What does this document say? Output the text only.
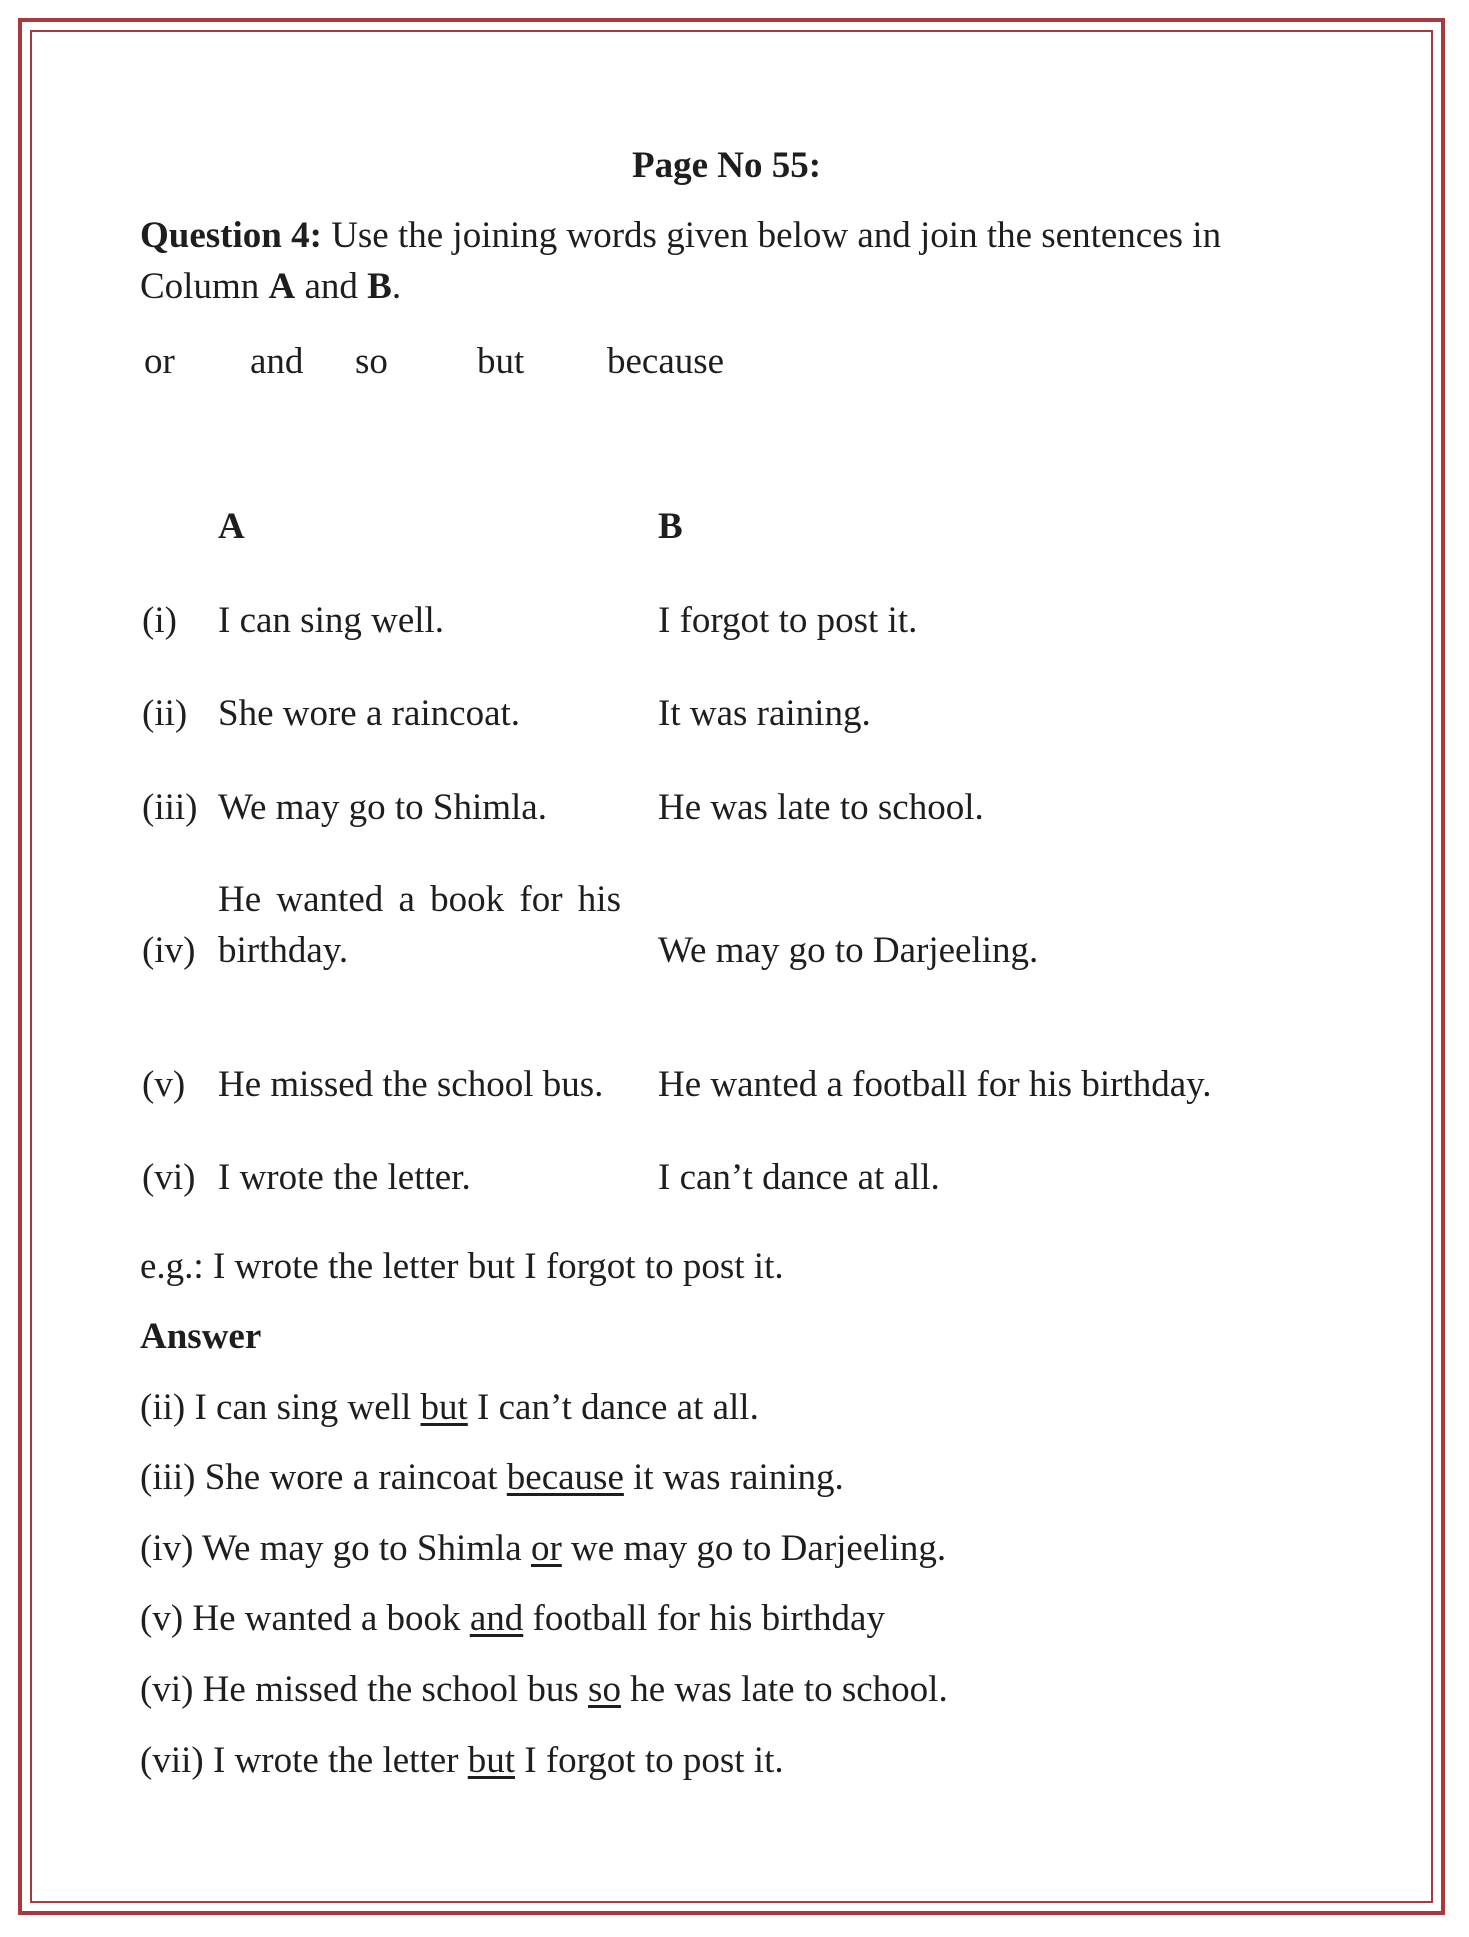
Page No 55:
Question 4: Use the joining words given below and join the sentences in
Column A and B.
or and so but because
A	B
(i) I can sing well.	I forgot to post it.
(ii) She wore a raincoat.	It was raining.
(iii) We may go to Shimla.	He was late to school.
He wanted a book for his
(iv) birthday.	We may go to Darjeeling.
(v) He missed the school bus. He wanted a football for his birthday.
(vi) I wrote the letter.	I can’t dance at all.
e.g.: I wrote the letter but I forgot to post it.
Answer
(ii) I can sing well but I can’t dance at all.
(iii) She wore a raincoat because it was raining.
(iv) We may go to Shimla or we may go to Darjeeling.
(v) He wanted a book and football for his birthday
(vi) He missed the school bus so he was late to school.
(vii) I wrote the letter but I forgot to post it.
